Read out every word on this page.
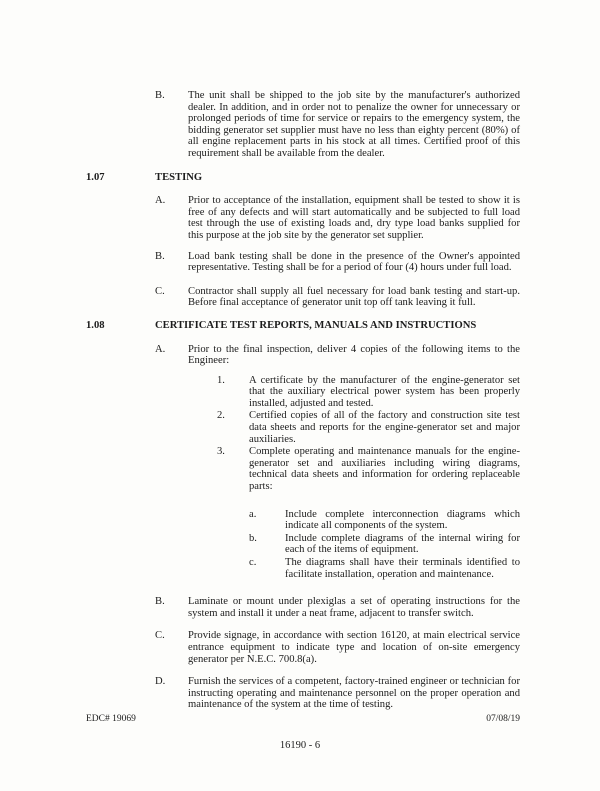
B.	The unit shall be shipped to the job site by the manufacturer's authorized dealer. In addition, and in order not to penalize the owner for unnecessary or prolonged periods of time for service or repairs to the emergency system, the bidding generator set supplier must have no less than eighty percent (80%) of all engine replacement parts in his stock at all times. Certified proof of this requirement shall be available from the dealer.
1.07	TESTING
A.	Prior to acceptance of the installation, equipment shall be tested to show it is free of any defects and will start automatically and be subjected to full load test through the use of existing loads and, dry type load banks supplied for this purpose at the job site by the generator set supplier.
B.	Load bank testing shall be done in the presence of the Owner's appointed representative. Testing shall be for a period of four (4) hours under full load.
C.	Contractor shall supply all fuel necessary for load bank testing and start-up. Before final acceptance of generator unit top off tank leaving it full.
1.08	CERTIFICATE TEST REPORTS, MANUALS AND INSTRUCTIONS
A.	Prior to the final inspection, deliver 4 copies of the following items to the Engineer:
1.	A certificate by the manufacturer of the engine-generator set that the auxiliary electrical power system has been properly installed, adjusted and tested.
2.	Certified copies of all of the factory and construction site test data sheets and reports for the engine-generator set and major auxiliaries.
3.	Complete operating and maintenance manuals for the engine-generator set and auxiliaries including wiring diagrams, technical data sheets and information for ordering replaceable parts:
a.	Include complete interconnection diagrams which indicate all components of the system.
b.	Include complete diagrams of the internal wiring for each of the items of equipment.
c.	The diagrams shall have their terminals identified to facilitate installation, operation and maintenance.
B.	Laminate or mount under plexiglas a set of operating instructions for the system and install it under a neat frame, adjacent to transfer switch.
C.	Provide signage, in accordance with section 16120, at main electrical service entrance equipment to indicate type and location of on-site emergency generator per N.E.C. 700.8(a).
D.	Furnish the services of a competent, factory-trained engineer or technician for instructing operating and maintenance personnel on the proper operation and maintenance of the system at the time of testing.
EDC# 19069	07/08/19
16190 - 6
